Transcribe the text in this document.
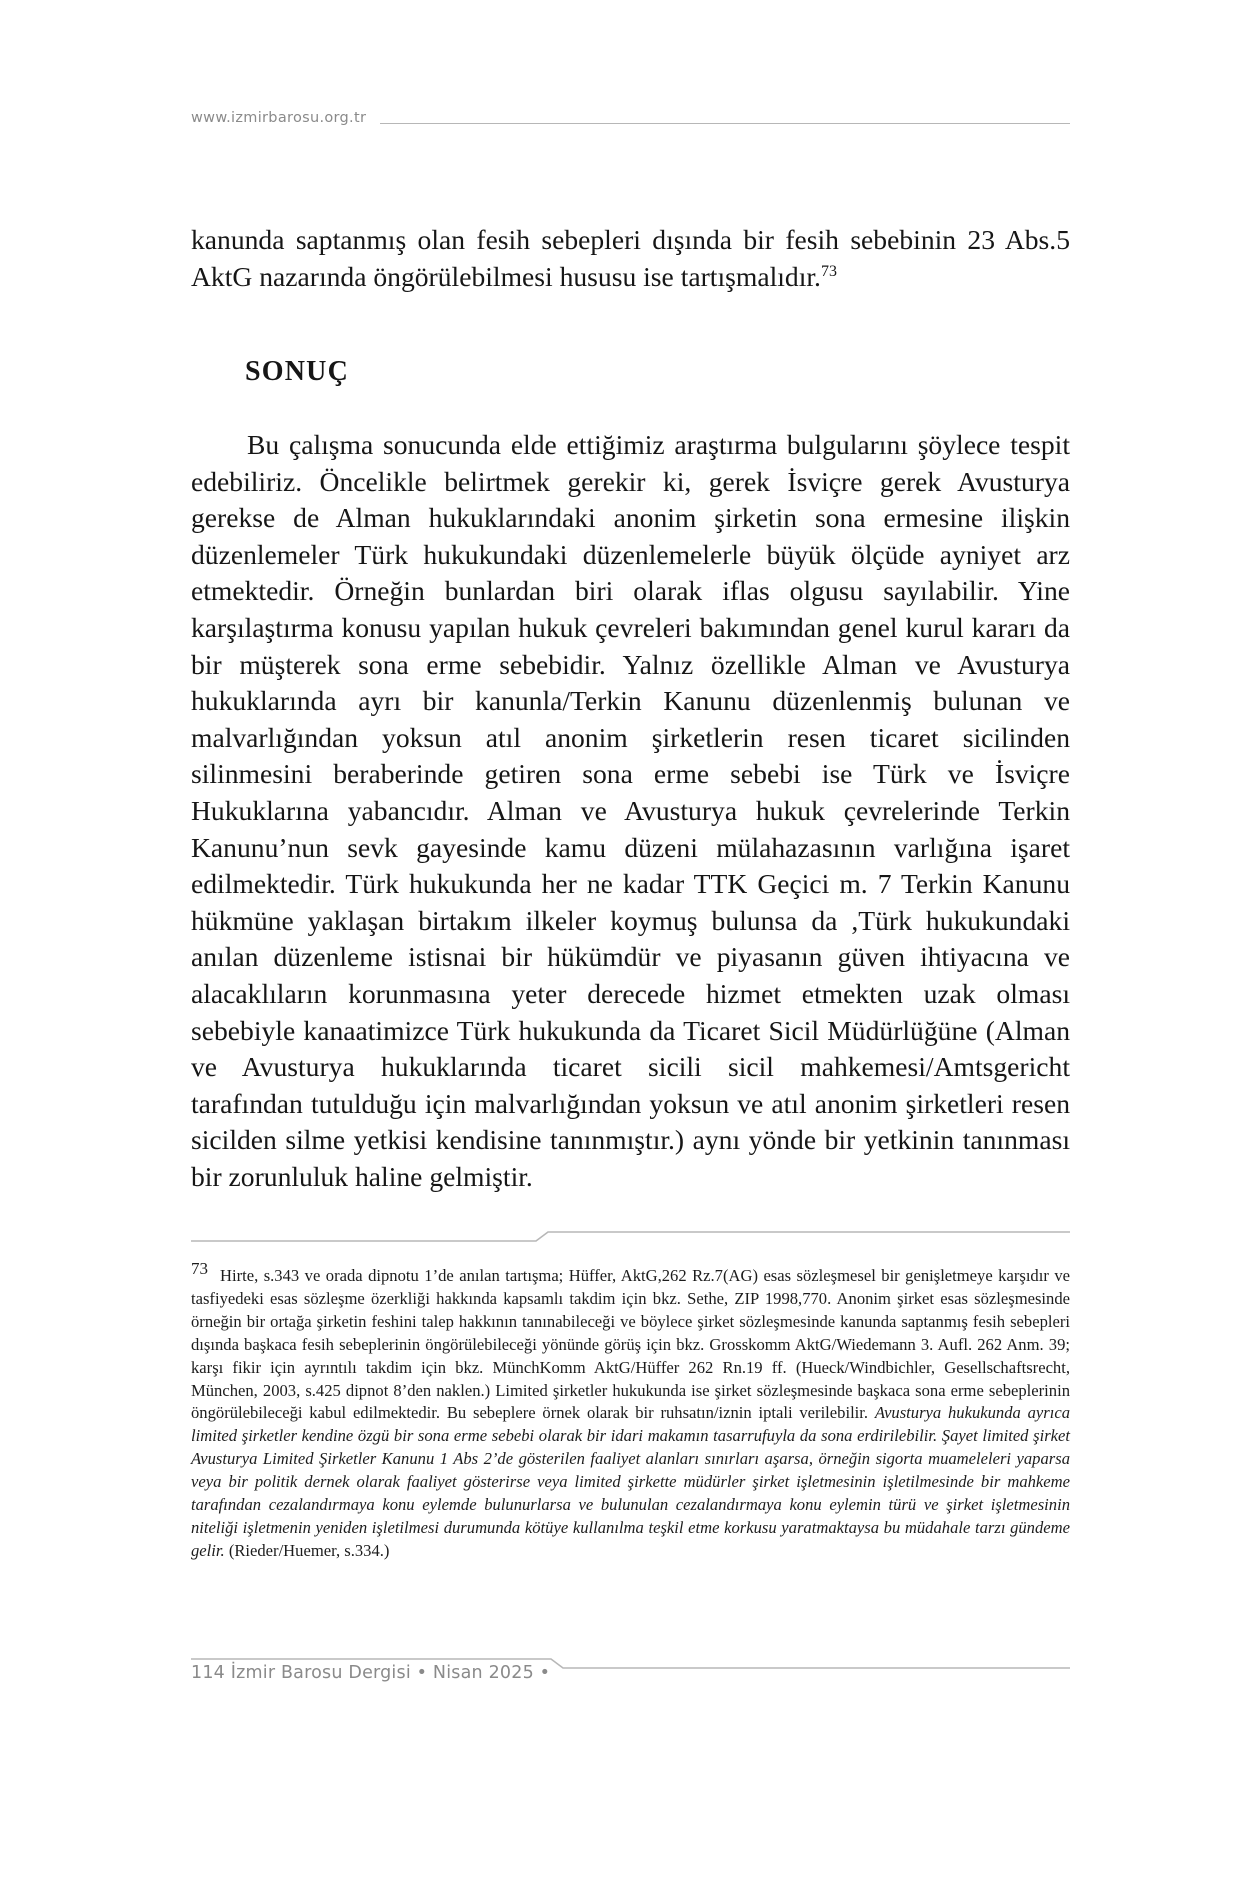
www.izmirbarosu.org.tr

kanunda saptanmış olan fesih sebepleri dışında bir fesih sebebinin 23 Abs.5 AktG nazarında öngörülebilmesi hususu ise tartışmalıdır.$^{73}$

SONUÇ

Bu çalışma sonucunda elde ettiğimiz araştırma bulgularını şöylece tespit edebiliriz. Öncelikle belirtmek gerekir ki, gerek İsviçre gerek Avusturya gerekse de Alman hukuklarındaki anonim şirketin sona ermesine ilişkin düzenlemeler Türk hukukundaki düzenlemelerle büyük ölçüde ayniyet arz etmektedir. Örneğin bunlardan biri olarak iflas olgusu sayılabilir. Yine karşılaştırma konusu yapılan hukuk çevreleri bakımından genel kurul kararı da bir müşterek sona erme sebebidir. Yalnız özellikle Alman ve Avusturya hukuklarında ayrı bir kanunla/Terkin Kanunu düzenlenmiş bulunan ve malvarlığından yoksun atıl anonim şirketlerin resen ticaret sicilinden silinmesini beraberinde getiren sona erme sebebi ise Türk ve İsviçre Hukuklarına yabancıdır. Alman ve Avusturya hukuk çevrelerinde Terkin Kanunu’nun sevk gayesinde kamu düzeni mülahazasının varlığına işaret edilmektedir. Türk hukukunda her ne kadar TTK Geçici m. 7 Terkin Kanunu hükmüne yaklaşan birtakım ilkeler koymuş bulunsa da ,Türk hukukundaki anılan düzenleme istisnai bir hükümdür ve piyasanın güven ihtiyacına ve alacaklıların korunmasına yeter derecede hizmet etmekten uzak olması sebebiyle kanaatimizce Türk hukukunda da Ticaret Sicil Müdürlüğüne (Alman ve Avusturya hukuklarında ticaret sicili sicil mahkemesi/Amtsgericht tarafından tutulduğu için malvarlığından yoksun ve atıl anonim şirketleri resen sicilden silme yetkisi kendisine tanınmıştır.) aynı yönde bir yetkinin tanınması bir zorunluluk haline gelmiştir.

73 Hirte, s.343 ve orada dipnotu 1’de anılan tartışma; Hüffer, AktG,262 Rz.7(AG) esas sözleşmesel bir genişletmeye karşıdır ve tasfiyedeki esas sözleşme özerkliği hakkında kapsamlı takdim için bkz. Sethe, ZIP 1998,770. Anonim şirket esas sözleşmesinde örneğin bir ortağa şirketin feshini talep hakkının tanınabileceği ve böylece şirket sözleşmesinde kanunda saptanmış fesih sebepleri dışında başkaca fesih sebeplerinin öngörülebileceği yönünde görüş için bkz. Grosskomm AktG/Wiedemann 3. Aufl. 262 Anm. 39; karşı fikir için ayrıntılı takdim için bkz. MünchKomm AktG/Hüffer 262 Rn.19 ff. (Hueck/Windbichler, Gesellschaftsrecht, München, 2003, s.425 dipnot 8’den naklen.) Limited şirketler hukukunda ise şirket sözleşmesinde başkaca sona erme sebeplerinin öngörülebileceği kabul edilmektedir. Bu sebeplere örnek olarak bir ruhsatın/iznin iptali verilebilir. Avusturya hukukunda ayrıca limited şirketler kendine özgü bir sona erme sebebi olarak bir idari makamın tasarrufuyla da sona erdirilebilir. Şayet limited şirket Avusturya Limited Şirketler Kanunu 1 Abs 2’de gösterilen faaliyet alanları sınırları aşarsa, örneğin sigorta muameleleri yaparsa veya bir politik dernek olarak faaliyet gösterirse veya limited şirkette müdürler şirket işletmesinin işletilmesinde bir mahkeme tarafından cezalandırmaya konu eylemde bulunurlarsa ve bulunulan cezalandırmaya konu eylemin türü ve şirket işletmesinin niteliği işletmenin yeniden işletilmesi durumunda kötüye kullanılma teşkil etme korkusu yaratmaktaysa bu müdahale tarzı gündeme gelir. (Rieder/Huemer, s.334.)
114 İzmir Barosu Dergisi • Nisan 2025 •
